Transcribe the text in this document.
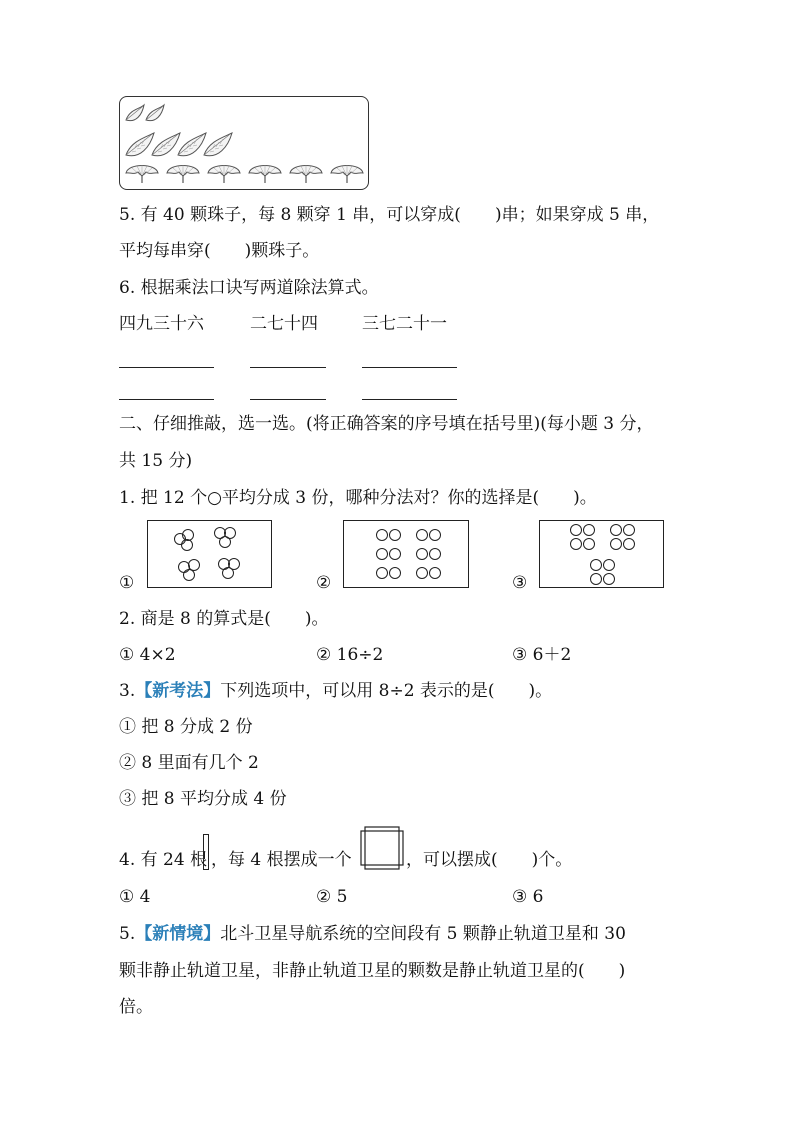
5. 有 40 颗珠子，每 8 颗穿 1 串，可以穿成(　　)串；如果穿成 5 串，
平均每串穿(　　)颗珠子。
6. 根据乘法口诀写两道除法算式。
四九三十六	二七十四	三七二十一
二、仔细推敲，选一选。(将正确答案的序号填在括号里)(每小题 3 分，
共 15 分)
1. 把 12 个○平均分成 3 份，哪种分法对？你的选择是(　　)。
①	②	③
2. 商是 8 的算式是(　　)。
① 4×2	② 16÷2	③ 6＋2
3.【新考法】下列选项中，可以用 8÷2 表示的是(　　)。
① 把 8 分成 2 份
② 8 里面有几个 2
③ 把 8 平均分成 4 份
4. 有 24 根 ，每 4 根摆成一个	，可以摆成(　　)个。
① 4	② 5	③ 6
5.【新情境】北斗卫星导航系统的空间段有 5 颗静止轨道卫星和 30
颗非静止轨道卫星，非静止轨道卫星的颗数是静止轨道卫星的(　　)
倍。
